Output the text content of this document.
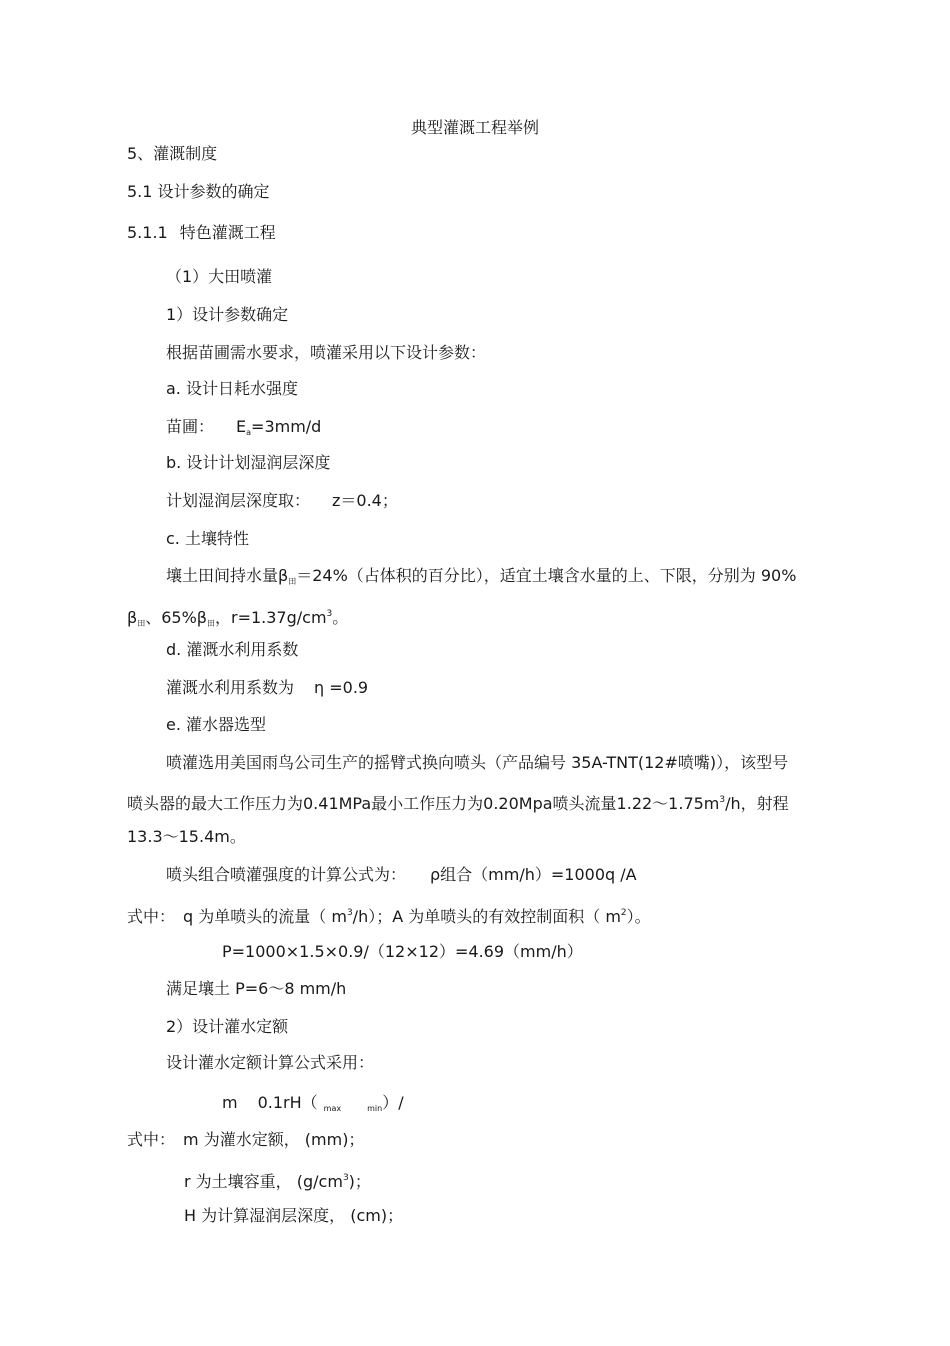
典型灌溉工程举例
5、灌溉制度
5.1 设计参数的确定
5.1.1 特色灌溉工程
（1）大田喷灌
1）设计参数确定
根据苗圃需水要求，喷灌采用以下设计参数：
a. 设计日耗水强度
苗圃： $E_a=3mm/d$
b. 设计计划湿润层深度
计划湿润层深度取： z＝0.4；
c. 土壤特性
壤土田间持水量$\beta_田=24\%$（占体积的百分比），适宜土壤含水量的上、下限，分别为 90%
$\beta_田$、$65\%\beta_田$，$r=1.37g/cm^3$。
d. 灌溉水利用系数
灌溉水利用系数为 η =0.9
e. 灌水器选型
喷灌选用美国雨鸟公司生产的摇臂式换向喷头（产品编号 35A-TNT(12#喷嘴)），该型号
喷头器的最大工作压力为0.41MPa最小工作压力为0.20Mpa喷头流量$1.22\sim 1.75m^3/h$，射程
13.3～15.4m。
喷头组合喷灌强度的计算公式为： ρ组合（mm/h）=1000q /A
式中： q 为单喷头的流量（ $m^3/h$）；A 为单喷头的有效控制面积（ $m^2$）。
P=1000×1.5×0.9/（12×12）=4.69（mm/h）
满足壤土 P=6～8 mm/h
2）设计灌水定额
设计灌水定额计算公式采用：
m 0.1rH（ $_{max}$	$_{min}$）/
式中： m 为灌水定额， (mm)；
r 为土壤容重， $(g/cm^3)$；
H 为计算湿润层深度， (cm)；
